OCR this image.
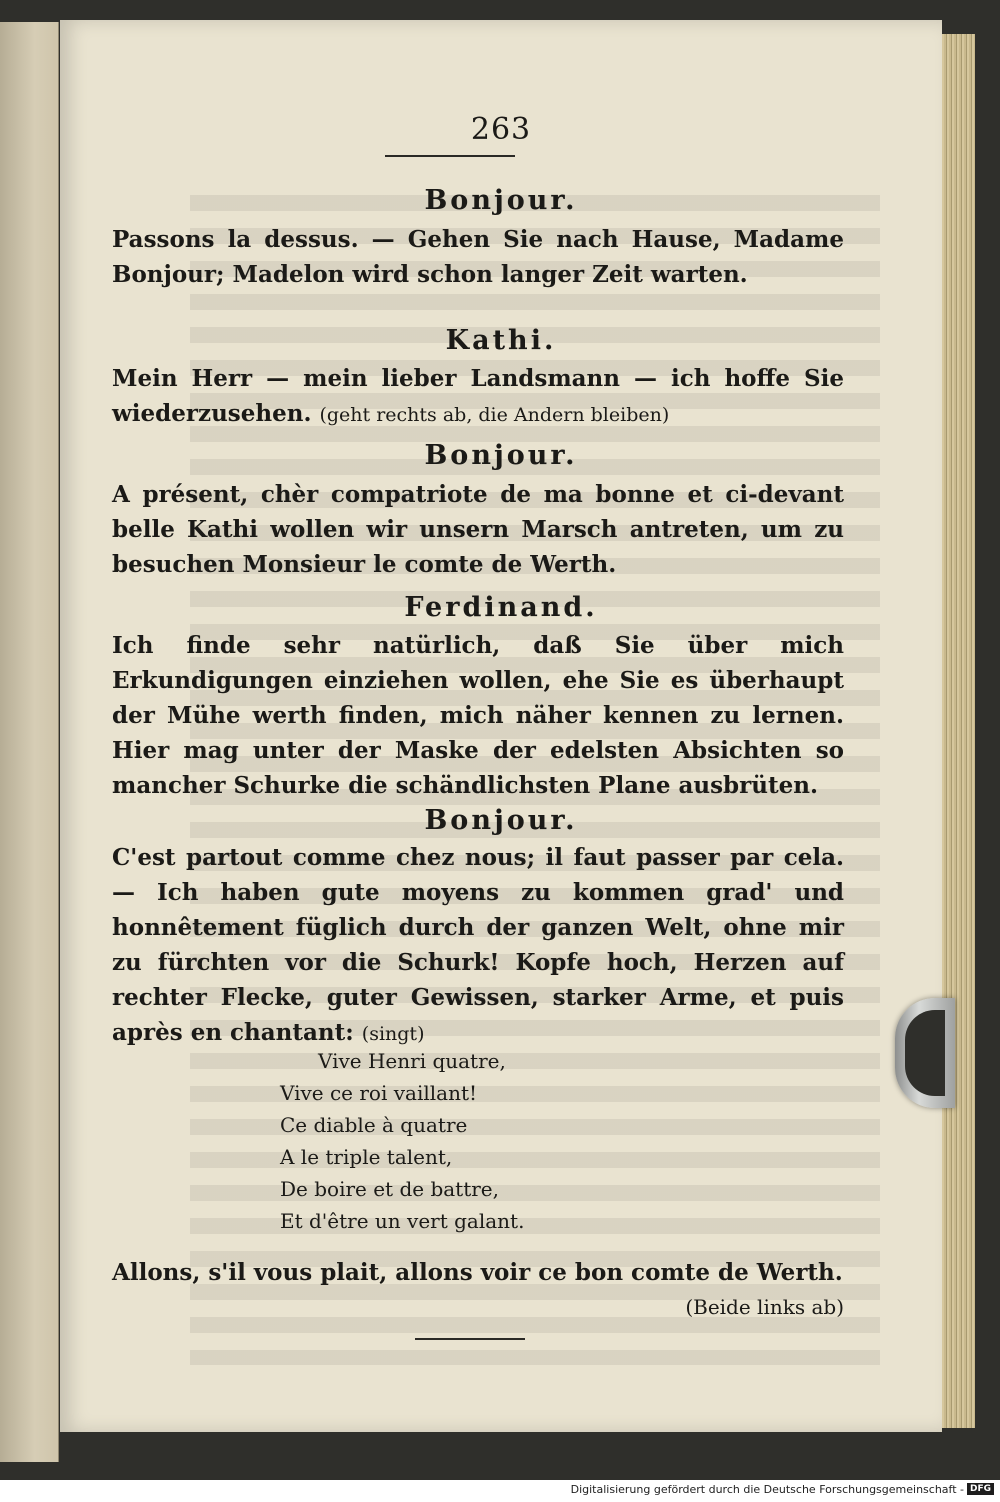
263
Bonjour.
Passons la dessus. — Gehen Sie nach Hause, Madame Bonjour; Madelon wird schon langer Zeit warten.
Kathi.
Mein Herr — mein lieber Landsmann — ich hoffe Sie wiederzusehen. (geht rechts ab, die Andern bleiben)
Bonjour.
A présent, chèr compatriote de ma bonne et ci-devant belle Kathi wollen wir unsern Marsch antreten, um zu besuchen Monsieur le comte de Werth.
Ferdinand.
Ich finde sehr natürlich, daß Sie über mich Erkundigungen einziehen wollen, ehe Sie es überhaupt der Mühe werth finden, mich näher kennen zu lernen. Hier mag unter der Maske der edelsten Absichten so mancher Schurke die schändlichsten Plane ausbrüten.
Bonjour.
C'est partout comme chez nous; il faut passer par cela. — Ich haben gute moyens zu kommen grad' und honnêtement füglich durch der ganzen Welt, ohne mir zu fürchten vor die Schurk! Kopfe hoch, Herzen auf rechter Flecke, guter Gewissen, starker Arme, et puis après en chantant: (singt)
Vive Henri quatre,
Vive ce roi vaillant!
Ce diable à quatre
A le triple talent,
De boire et de battre,
Et d'être un vert galant.
Allons, s'il vous plait, allons voir ce bon comte de Werth.
(Beide links ab)
Digitalisierung gefördert durch die Deutsche Forschungsgemeinschaft - DFG
